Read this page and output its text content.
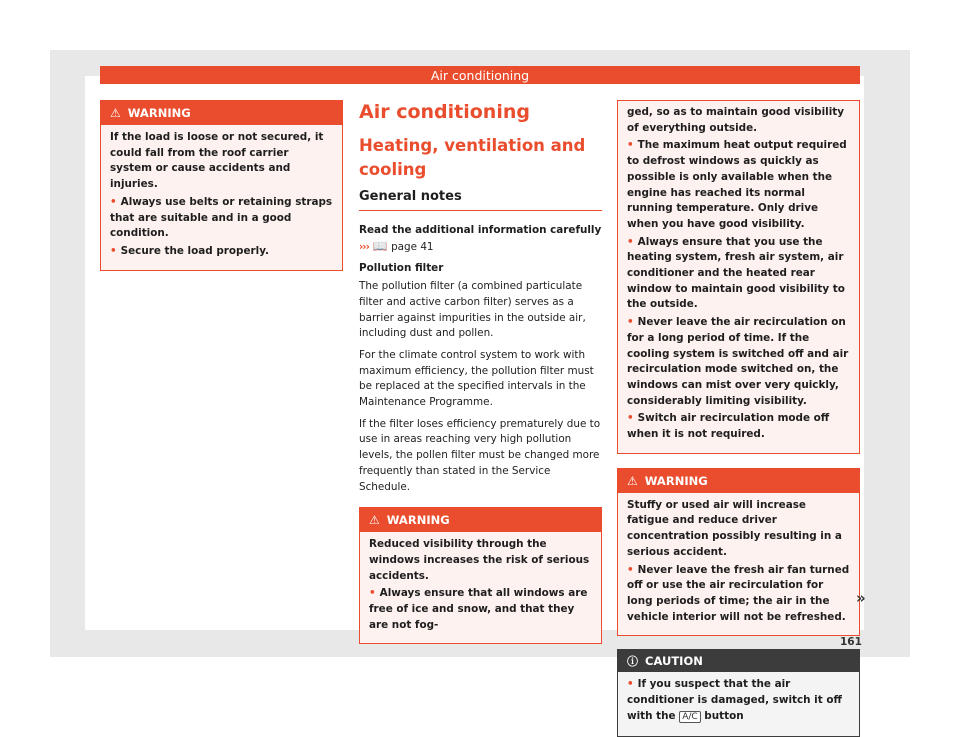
Air conditioning
⚠ WARNING

If the load is loose or not secured, it could fall from the roof carrier system or cause accidents and injuries.

• Always use belts or retaining straps that are suitable and in a good condition.

• Secure the load properly.

Air conditioning
Heating, ventilation and cooling
General notes

Read the additional information carefully ››› 📖 page 41

Pollution filter

The pollution filter (a combined particulate filter and active carbon filter) serves as a barrier against impurities in the outside air, including dust and pollen.

For the climate control system to work with maximum efficiency, the pollution filter must be replaced at the specified intervals in the Maintenance Programme.

If the filter loses efficiency prematurely due to use in areas reaching very high pollution levels, the pollen filter must be changed more frequently than stated in the Service Schedule.

⚠ WARNING

Reduced visibility through the windows increases the risk of serious accidents.

• Always ensure that all windows are free of ice and snow, and that they are not fog-

ged, so as to maintain good visibility of everything outside.

• The maximum heat output required to defrost windows as quickly as possible is only available when the engine has reached its normal running temperature. Only drive when you have good visibility.

• Always ensure that you use the heating system, fresh air system, air conditioner and the heated rear window to maintain good visibility to the outside.

• Never leave the air recirculation on for a long period of time. If the cooling system is switched off and air recirculation mode switched on, the windows can mist over very quickly, considerably limiting visibility.

• Switch air recirculation mode off when it is not required.

⚠ WARNING

Stuffy or used air will increase fatigue and reduce driver concentration possibly resulting in a serious accident.

• Never leave the fresh air fan turned off or use the air recirculation for long periods of time; the air in the vehicle interior will not be refreshed.

ⓘ CAUTION

• If you suspect that the air conditioner is damaged, switch it off with the A/C button

»
161
